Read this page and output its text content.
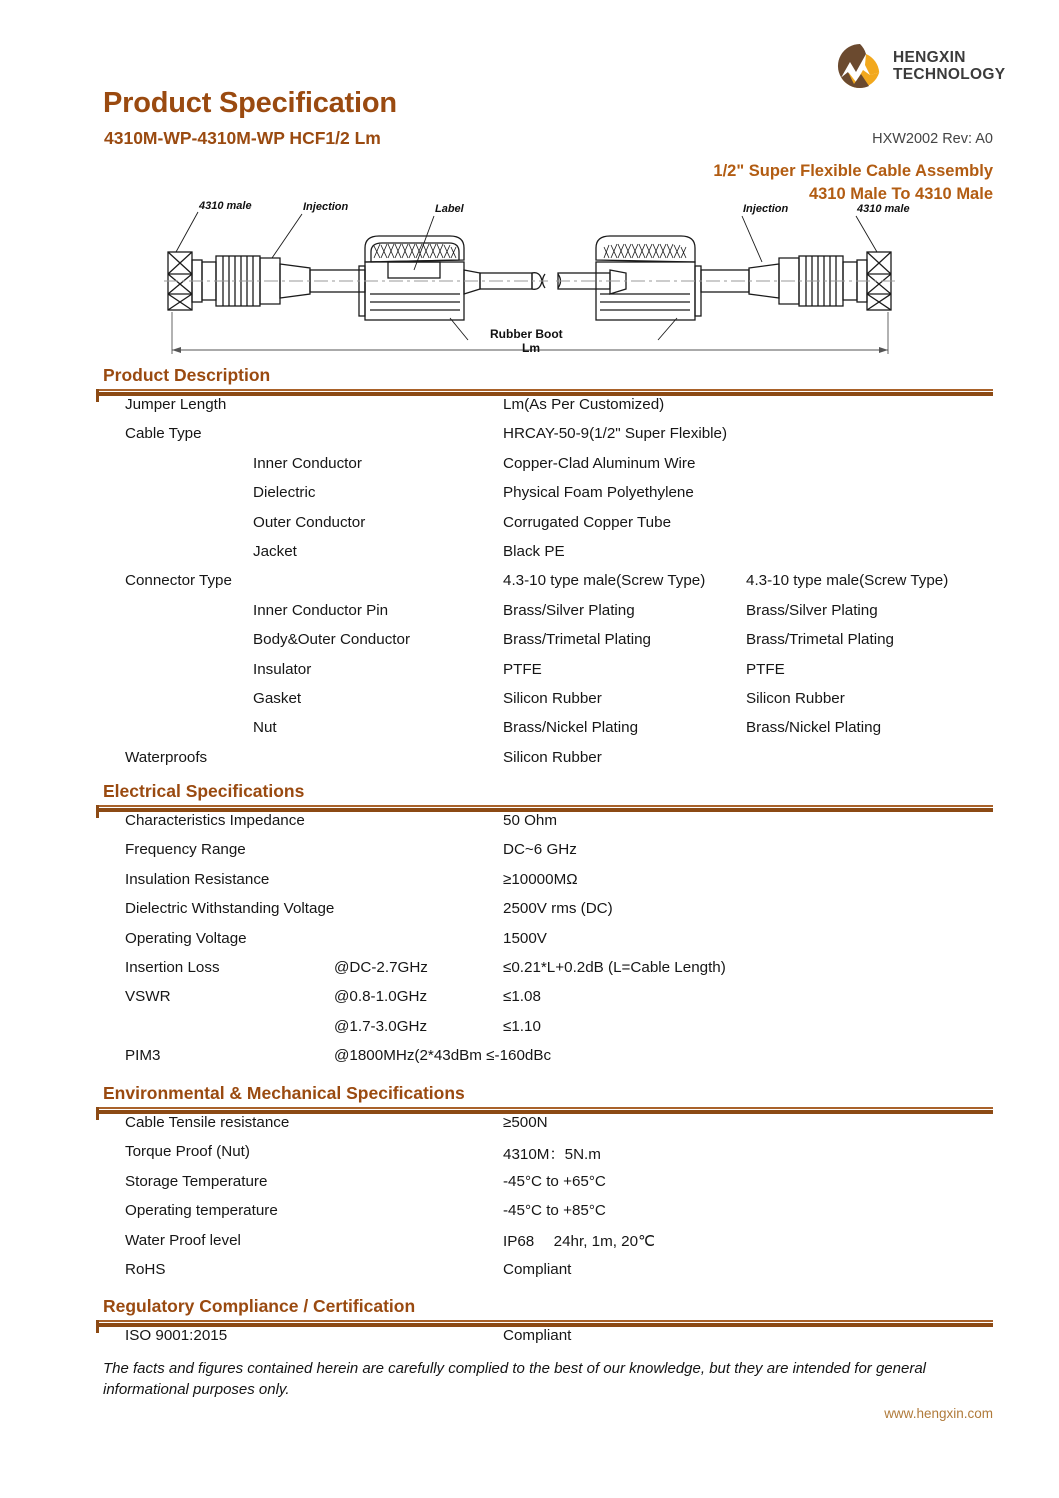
HENGXIN
TECHNOLOGY
Product Specification
4310M-WP-4310M-WP HCF1/2 Lm	HXW2002 Rev: A0
1/2" Super Flexible Cable Assembly
4310 Male To 4310 Male
4310 male	Injection	Label	Injection	4310 male
Rubber Boot
Lm
Product Description
Jumper Length	Lm(As Per Customized)
Cable Type	HRCAY-50-9(1/2" Super Flexible)
Inner Conductor	Copper-Clad Aluminum Wire
Dielectric	Physical Foam Polyethylene
Outer Conductor	Corrugated Copper Tube
Jacket	Black PE
Connector Type	4.3-10 type male(Screw Type)	4.3-10 type male(Screw Type)
Inner Conductor Pin	Brass/Silver Plating	Brass/Silver Plating
Body&Outer Conductor	Brass/Trimetal Plating	Brass/Trimetal Plating
Insulator	PTFE	PTFE
Gasket	Silicon Rubber	Silicon Rubber
Nut	Brass/Nickel Plating	Brass/Nickel Plating
Waterproofs	Silicon Rubber
Electrical Specifications
Characteristics Impedance	50 Ohm
Frequency Range	DC~6 GHz
Insulation Resistance	≥10000MΩ
Dielectric Withstanding Voltage	2500V rms (DC)
Operating Voltage	1500V
Insertion Loss	@DC-2.7GHz	≤0.21*L+0.2dB (L=Cable Length)
VSWR	@0.8-1.0GHz	≤1.08
@1.7-3.0GHz	≤1.10
PIM3	@1800MHz(2*43dBm ≤-160dBc
Environmental & Mechanical Specifications
Cable Tensile resistance	≥500N
Torque Proof (Nut)	4310M：5N.m
Storage Temperature	-45°C to +65°C
Operating temperature	-45°C to +85°C
Water Proof level	IP68  24hr, 1m, 20℃
RoHS	Compliant
Regulatory Compliance / Certification
ISO 9001:2015	Compliant
The facts and figures contained herein are carefully complied to the best of our knowledge, but they are intended for general informational purposes only.
www.hengxin.com
